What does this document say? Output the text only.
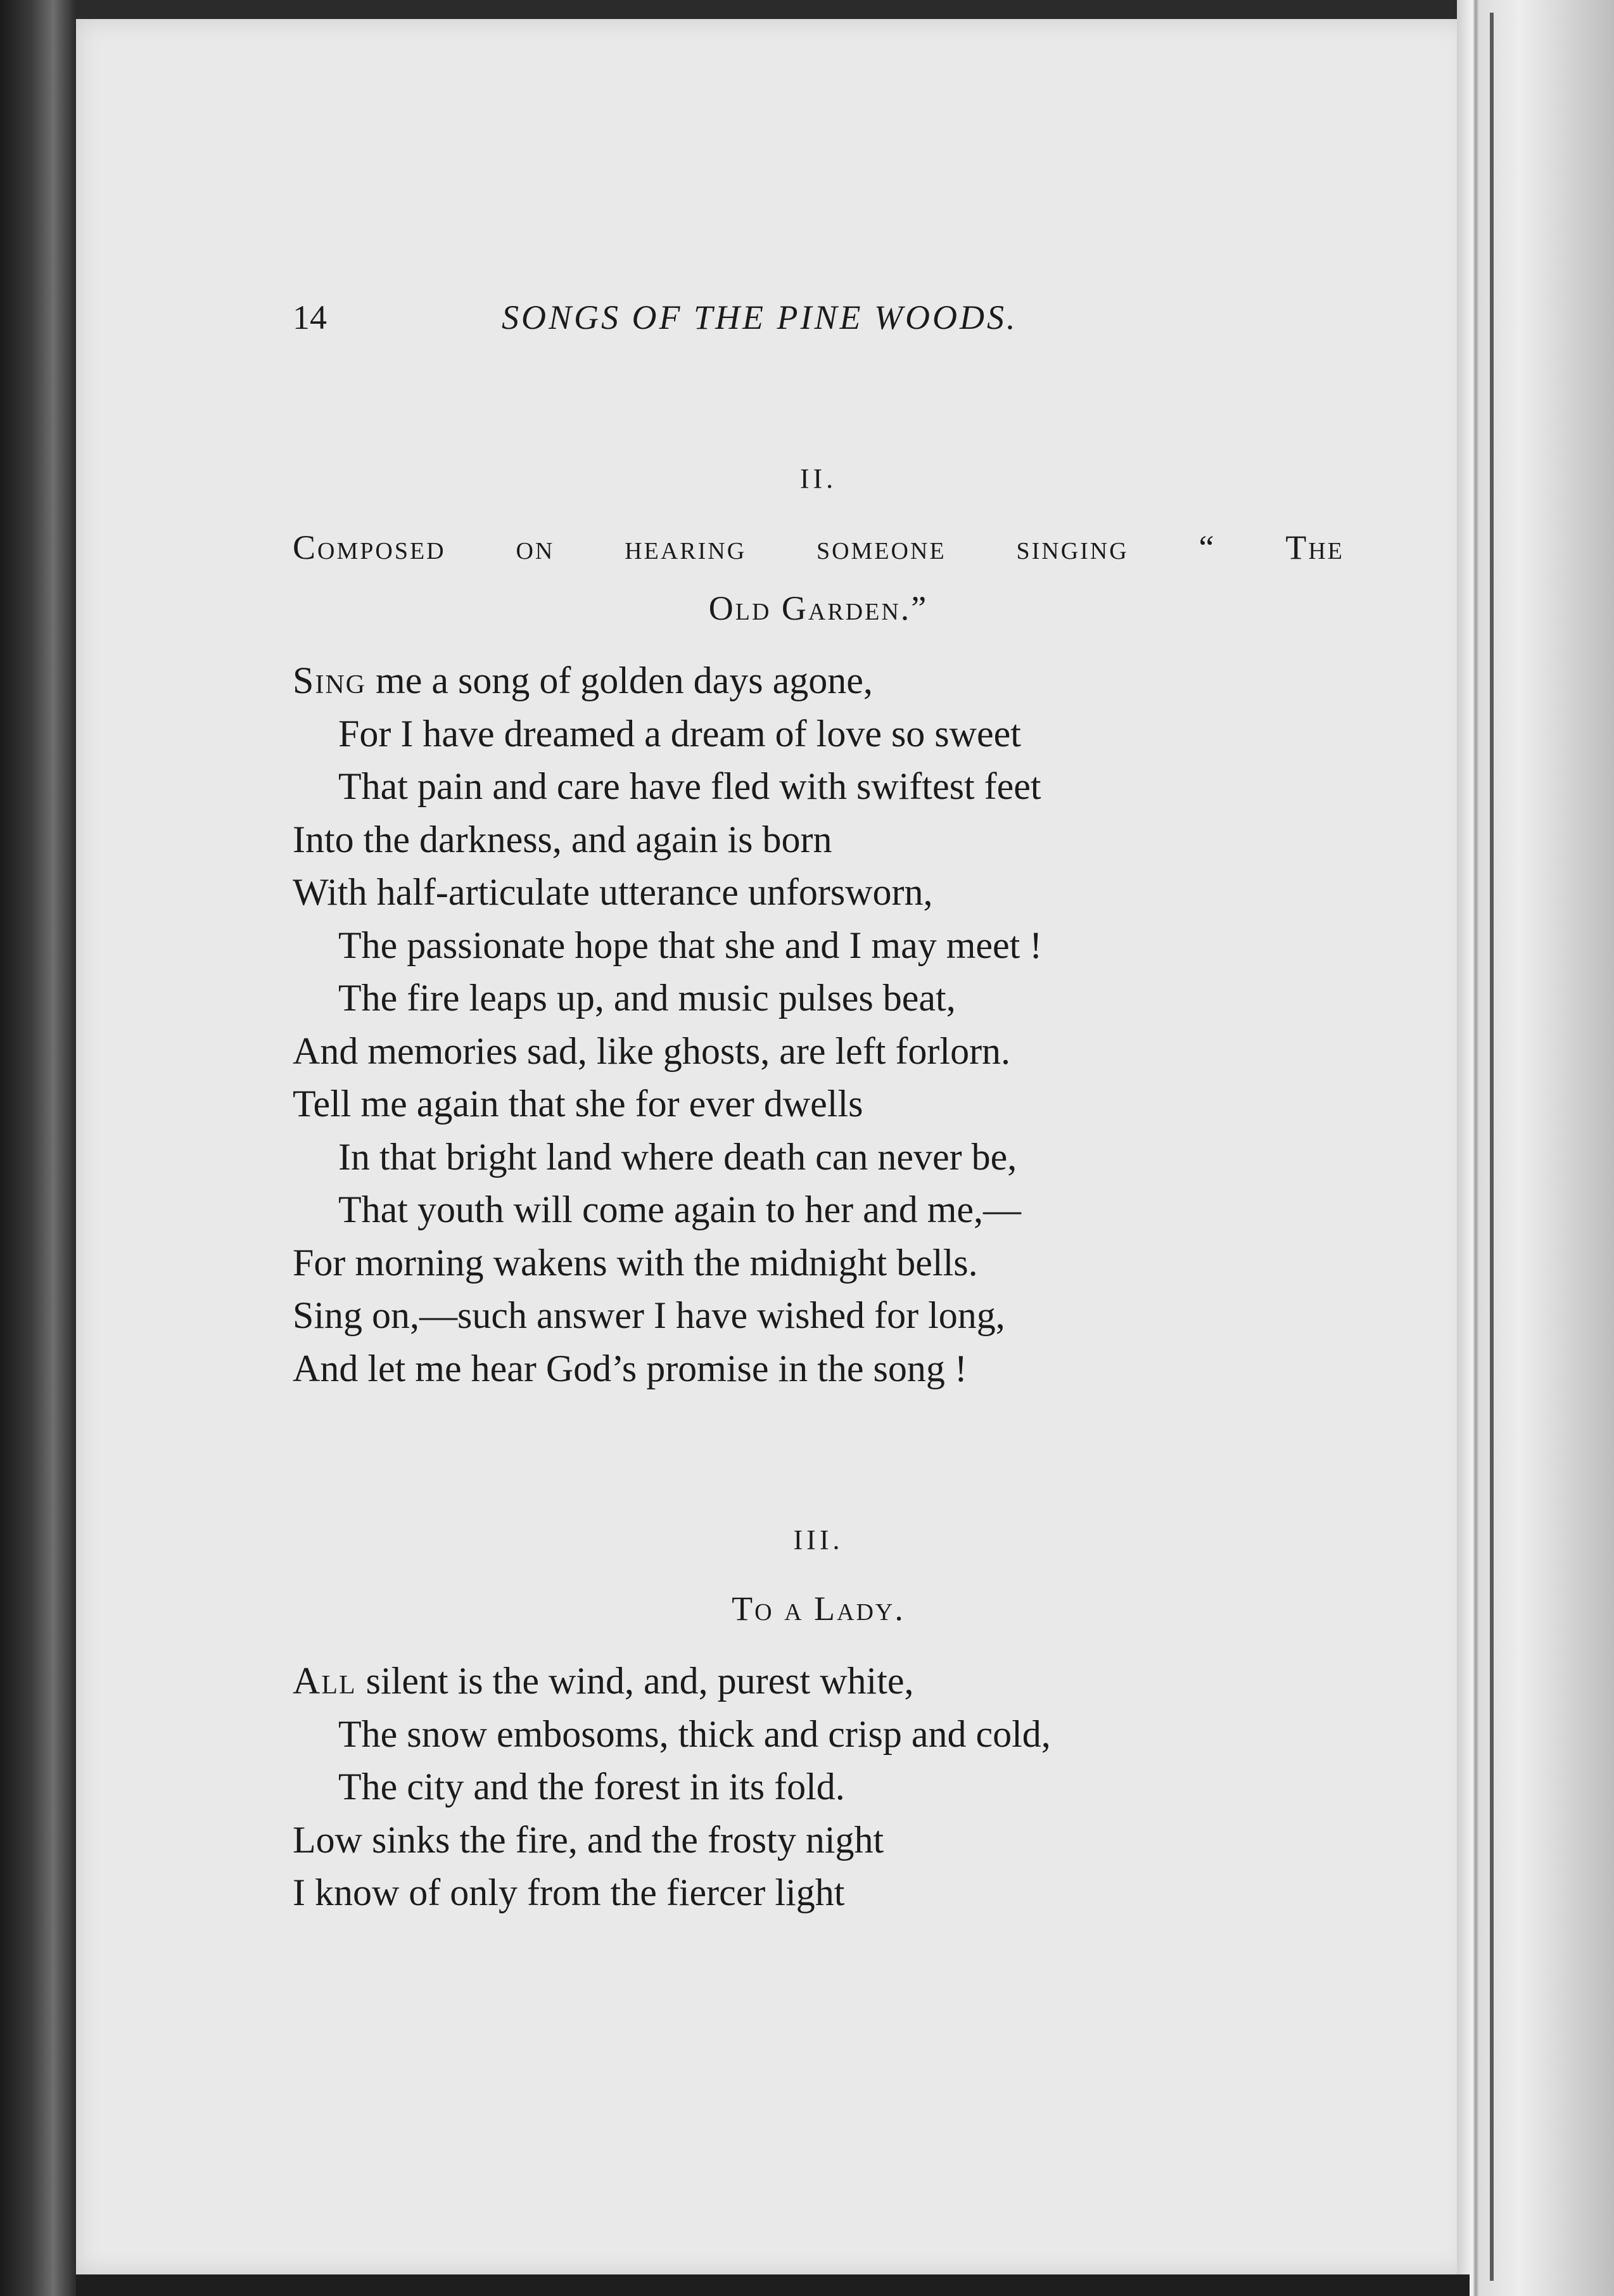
14	SONGS OF THE PINE WOODS.
II.
Composed on hearing someone singing “ The
Old Garden.”
Sing me a song of golden days agone,
For I have dreamed a dream of love so sweet
That pain and care have fled with swiftest feet
Into the darkness, and again is born
With half-articulate utterance unforsworn,
The passionate hope that she and I may meet !
The fire leaps up, and music pulses beat,
And memories sad, like ghosts, are left forlorn.
Tell me again that she for ever dwells
In that bright land where death can never be,
That youth will come again to her and me,—
For morning wakens with the midnight bells.
Sing on,—such answer I have wished for long,
And let me hear God’s promise in the song !
III.
To a Lady.
All silent is the wind, and, purest white,
The snow embosoms, thick and crisp and cold,
The city and the forest in its fold.
Low sinks the fire, and the frosty night
I know of only from the fiercer light
